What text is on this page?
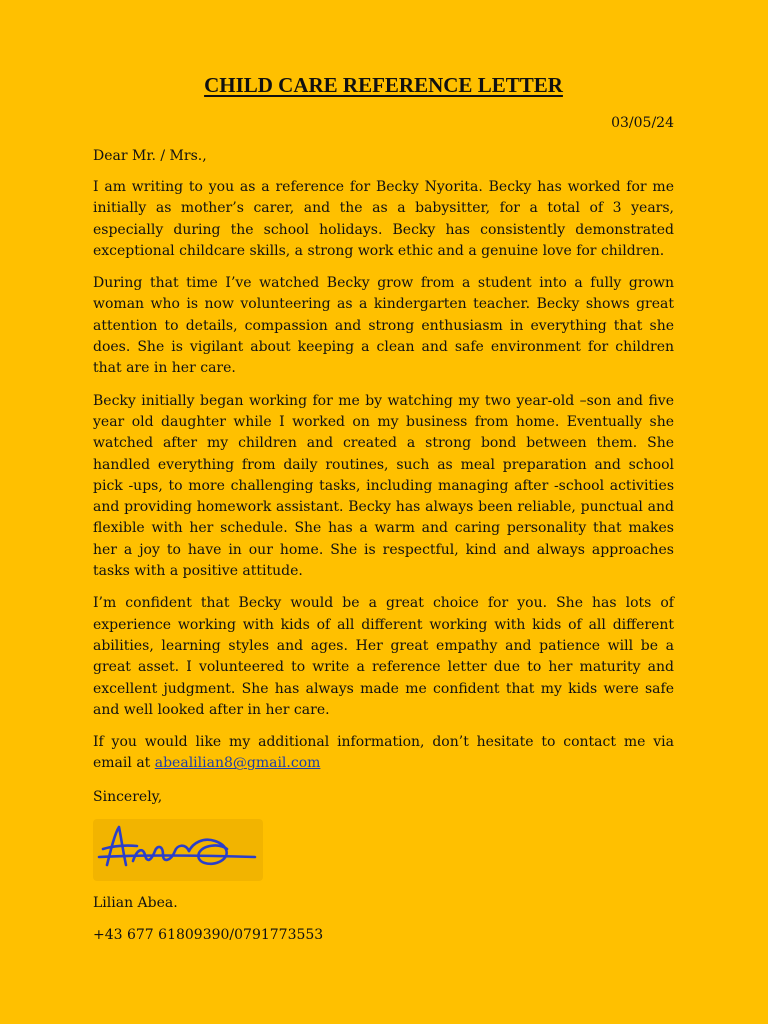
CHILD CARE REFERENCE LETTER
03/05/24
Dear Mr. / Mrs.,

I am writing to you as a reference for Becky Nyorita. Becky has worked for me initially as mother’s carer, and the as a babysitter, for a total of 3 years, especially during the school holidays. Becky has consistently demonstrated exceptional childcare skills, a strong work ethic and a genuine love for children.

During that time I’ve watched Becky grow from a student into a fully grown woman who is now volunteering as a kindergarten teacher. Becky shows great attention to details, compassion and strong enthusiasm in everything that she does. She is vigilant about keeping a clean and safe environment for children that are in her care.

Becky initially began working for me by watching my two year-old –son and five year old daughter while I worked on my business from home. Eventually she watched after my children and created a strong bond between them. She handled everything from daily routines, such as meal preparation and school pick -ups, to more challenging tasks, including managing after -school activities and providing homework assistant. Becky has always been reliable, punctual and flexible with her schedule. She has a warm and caring personality that makes her a joy to have in our home. She is respectful, kind and always approaches tasks with a positive attitude.

I’m confident that Becky would be a great choice for you. She has lots of experience working with kids of all different working with kids of all different abilities, learning styles and ages. Her great empathy and patience will be a great asset. I volunteered to write a reference letter due to her maturity and excellent judgment. She has always made me confident that my kids were safe and well looked after in her care.

If you would like my additional information, don’t hesitate to contact me via email at abealilian8@gmail.com

Sincerely,
Lilian Abea.
+43 677 61809390/0791773553
